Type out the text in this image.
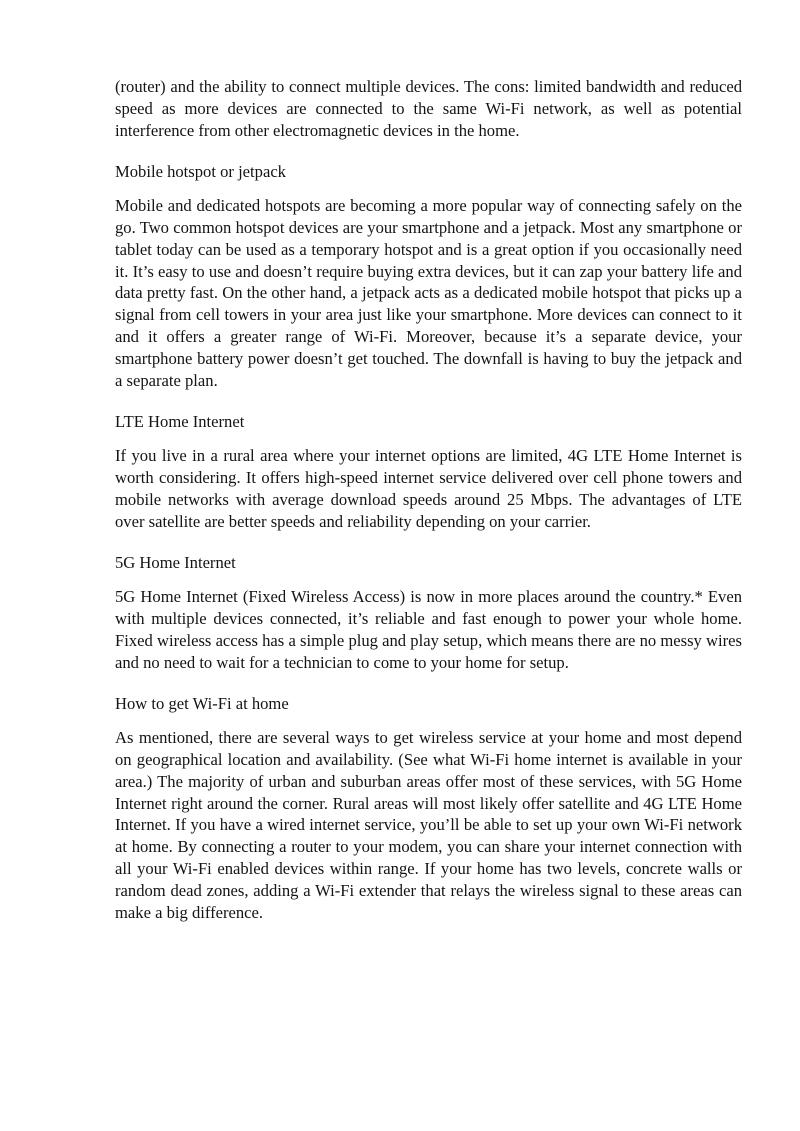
(router) and the ability to connect multiple devices. The cons: limited bandwidth and reduced speed as more devices are connected to the same Wi-Fi network, as well as potential interference from other electromagnetic devices in the home.

Mobile hotspot or jetpack

Mobile and dedicated hotspots are becoming a more popular way of connecting safely on the go. Two common hotspot devices are your smartphone and a jetpack. Most any smartphone or tablet today can be used as a temporary hotspot and is a great option if you occasionally need it. It’s easy to use and doesn’t require buying extra devices, but it can zap your battery life and data pretty fast. On the other hand, a jetpack acts as a dedicated mobile hotspot that picks up a signal from cell towers in your area just like your smartphone. More devices can connect to it and it offers a greater range of Wi-Fi. Moreover, because it’s a separate device, your smartphone battery power doesn’t get touched. The downfall is having to buy the jetpack and a separate plan.

LTE Home Internet

If you live in a rural area where your internet options are limited, 4G LTE Home Internet is worth considering. It offers high-speed internet service delivered over cell phone towers and mobile networks with average download speeds around 25 Mbps. The advantages of LTE over satellite are better speeds and reliability depending on your carrier.

5G Home Internet

5G Home Internet (Fixed Wireless Access) is now in more places around the country.* Even with multiple devices connected, it’s reliable and fast enough to power your whole home. Fixed wireless access has a simple plug and play setup, which means there are no messy wires and no need to wait for a technician to come to your home for setup.

How to get Wi-Fi at home

As mentioned, there are several ways to get wireless service at your home and most depend on geographical location and availability. (See what Wi-Fi home internet is available in your area.) The majority of urban and suburban areas offer most of these services, with 5G Home Internet right around the corner. Rural areas will most likely offer satellite and 4G LTE Home Internet. If you have a wired internet service, you’ll be able to set up your own Wi-Fi network at home. By connecting a router to your modem, you can share your internet connection with all your Wi-Fi enabled devices within range. If your home has two levels, concrete walls or random dead zones, adding a Wi-Fi extender that relays the wireless signal to these areas can make a big difference.
